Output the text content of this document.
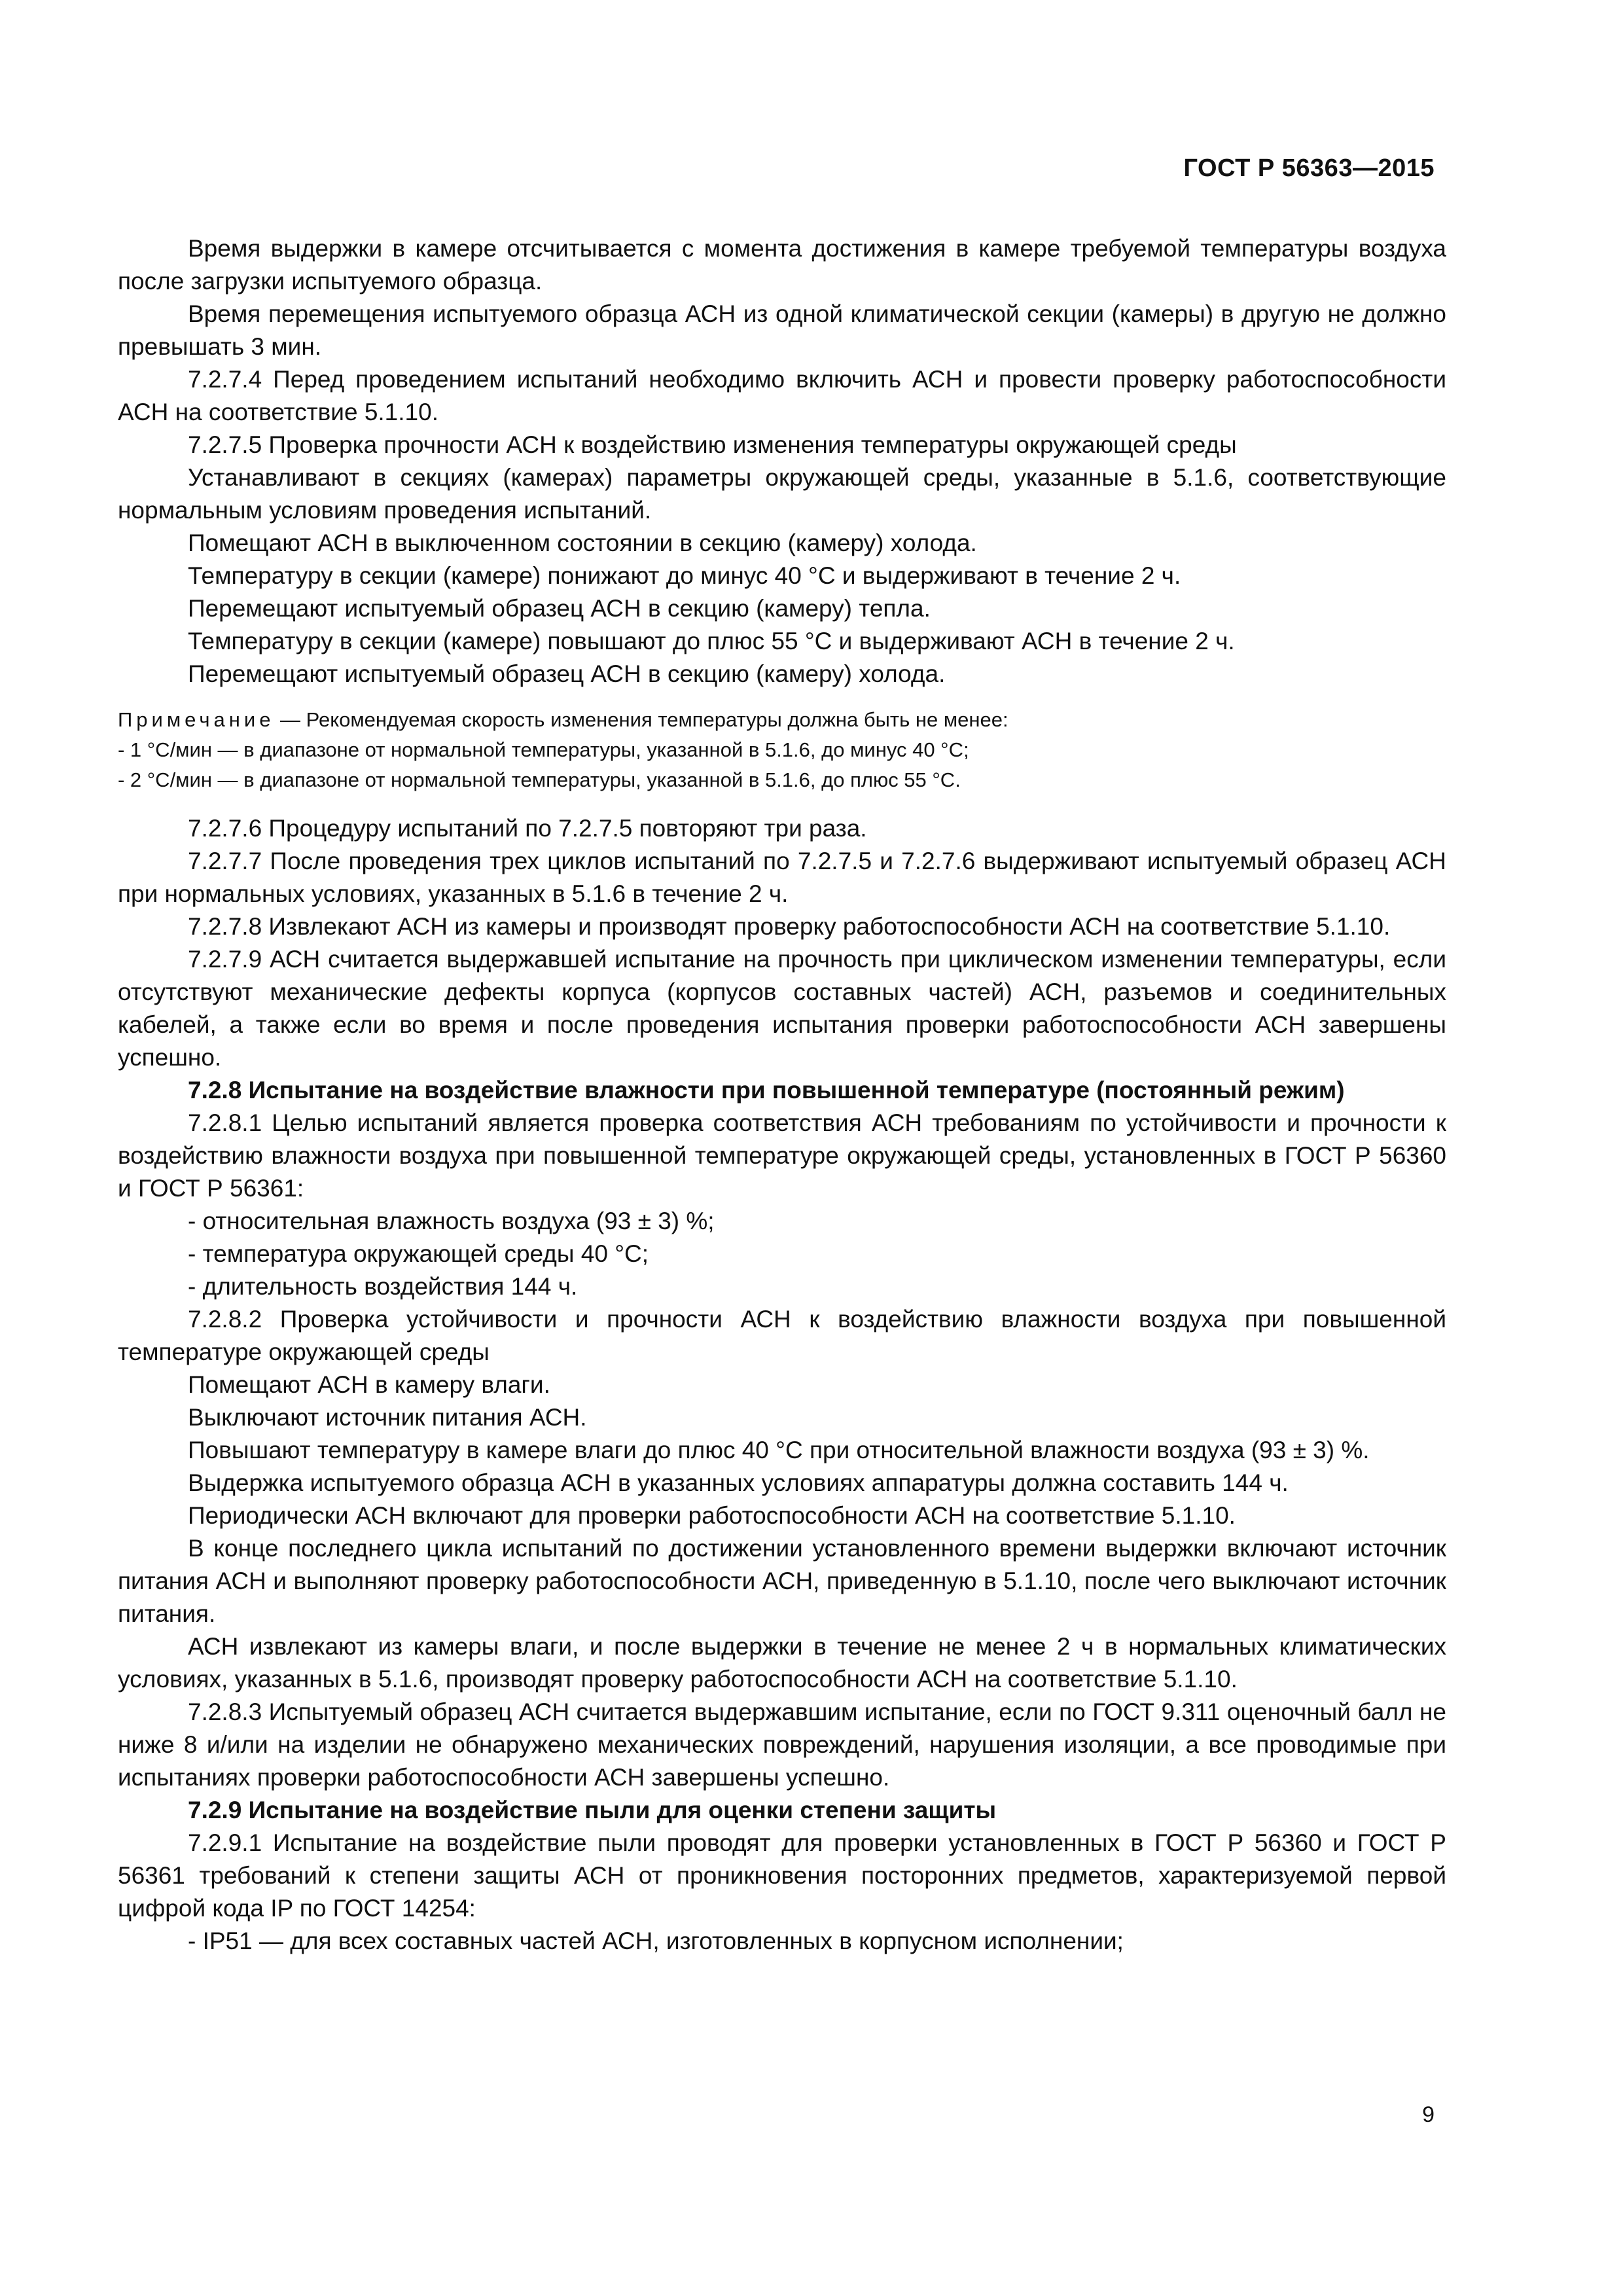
ГОСТ Р 56363—2015

Время выдержки в камере отсчитывается с момента достижения в камере требуемой температуры воздуха после загрузки испытуемого образца.

Время перемещения испытуемого образца АСН из одной климатической секции (камеры) в другую не должно превышать 3 мин.

7.2.7.4 Перед проведением испытаний необходимо включить АСН и провести проверку работоспособности АСН на соответствие 5.1.10.

7.2.7.5 Проверка прочности АСН к воздействию изменения температуры окружающей среды

Устанавливают в секциях (камерах) параметры окружающей среды, указанные в 5.1.6, соответствующие нормальным условиям проведения испытаний.

Помещают АСН в выключенном состоянии в секцию (камеру) холода.

Температуру в секции (камере) понижают до минус 40 °С и выдерживают в течение 2 ч.

Перемещают испытуемый образец АСН в секцию (камеру) тепла.

Температуру в секции (камере) повышают до плюс 55 °С и выдерживают АСН в течение 2 ч.

Перемещают испытуемый образец АСН в секцию (камеру) холода.

Примечание — Рекомендуемая скорость изменения температуры должна быть не менее:

- 1 °С/мин — в диапазоне от нормальной температуры, указанной в 5.1.6, до минус 40 °С;

- 2 °С/мин — в диапазоне от нормальной температуры, указанной в 5.1.6, до плюс 55 °С.

7.2.7.6 Процедуру испытаний по 7.2.7.5 повторяют три раза.

7.2.7.7 После проведения трех циклов испытаний по 7.2.7.5 и 7.2.7.6 выдерживают испытуемый образец АСН при нормальных условиях, указанных в 5.1.6 в течение 2 ч.

7.2.7.8 Извлекают АСН из камеры и производят проверку работоспособности АСН на соответствие 5.1.10.

7.2.7.9 АСН считается выдержавшей испытание на прочность при циклическом изменении температуры, если отсутствуют механические дефекты корпуса (корпусов составных частей) АСН, разъемов и соединительных кабелей, а также если во время и после проведения испытания проверки работоспособности АСН завершены успешно.

7.2.8 Испытание на воздействие влажности при повышенной температуре (постоянный режим)

7.2.8.1 Целью испытаний является проверка соответствия АСН требованиям по устойчивости и прочности к воздействию влажности воздуха при повышенной температуре окружающей среды, установленных в ГОСТ Р 56360 и ГОСТ Р 56361:

- относительная влажность воздуха (93 ± 3) %;

- температура окружающей среды 40 °С;

- длительность воздействия 144 ч.

7.2.8.2 Проверка устойчивости и прочности АСН к воздействию влажности воздуха при повышенной температуре окружающей среды

Помещают АСН в камеру влаги.

Выключают источник питания АСН.

Повышают температуру в камере влаги до плюс 40 °С при относительной влажности воздуха (93 ± 3) %.

Выдержка испытуемого образца АСН в указанных условиях аппаратуры должна составить 144 ч.

Периодически АСН включают для проверки работоспособности АСН на соответствие 5.1.10.

В конце последнего цикла испытаний по достижении установленного времени выдержки включают источник питания АСН и выполняют проверку работоспособности АСН, приведенную в 5.1.10, после чего выключают источник питания.

АСН извлекают из камеры влаги, и после выдержки в течение не менее 2 ч в нормальных климатических условиях, указанных в 5.1.6, производят проверку работоспособности АСН на соответствие 5.1.10.

7.2.8.3 Испытуемый образец АСН считается выдержавшим испытание, если по ГОСТ 9.311 оценочный балл не ниже 8 и/или на изделии не обнаружено механических повреждений, нарушения изоляции, а все проводимые при испытаниях проверки работоспособности АСН завершены успешно.

7.2.9 Испытание на воздействие пыли для оценки степени защиты

7.2.9.1 Испытание на воздействие пыли проводят для проверки установленных в ГОСТ Р 56360 и ГОСТ Р 56361 требований к степени защиты АСН от проникновения посторонних предметов, характеризуемой первой цифрой кода IP по ГОСТ 14254:

- IP51 — для всех составных частей АСН, изготовленных в корпусном исполнении;

9
